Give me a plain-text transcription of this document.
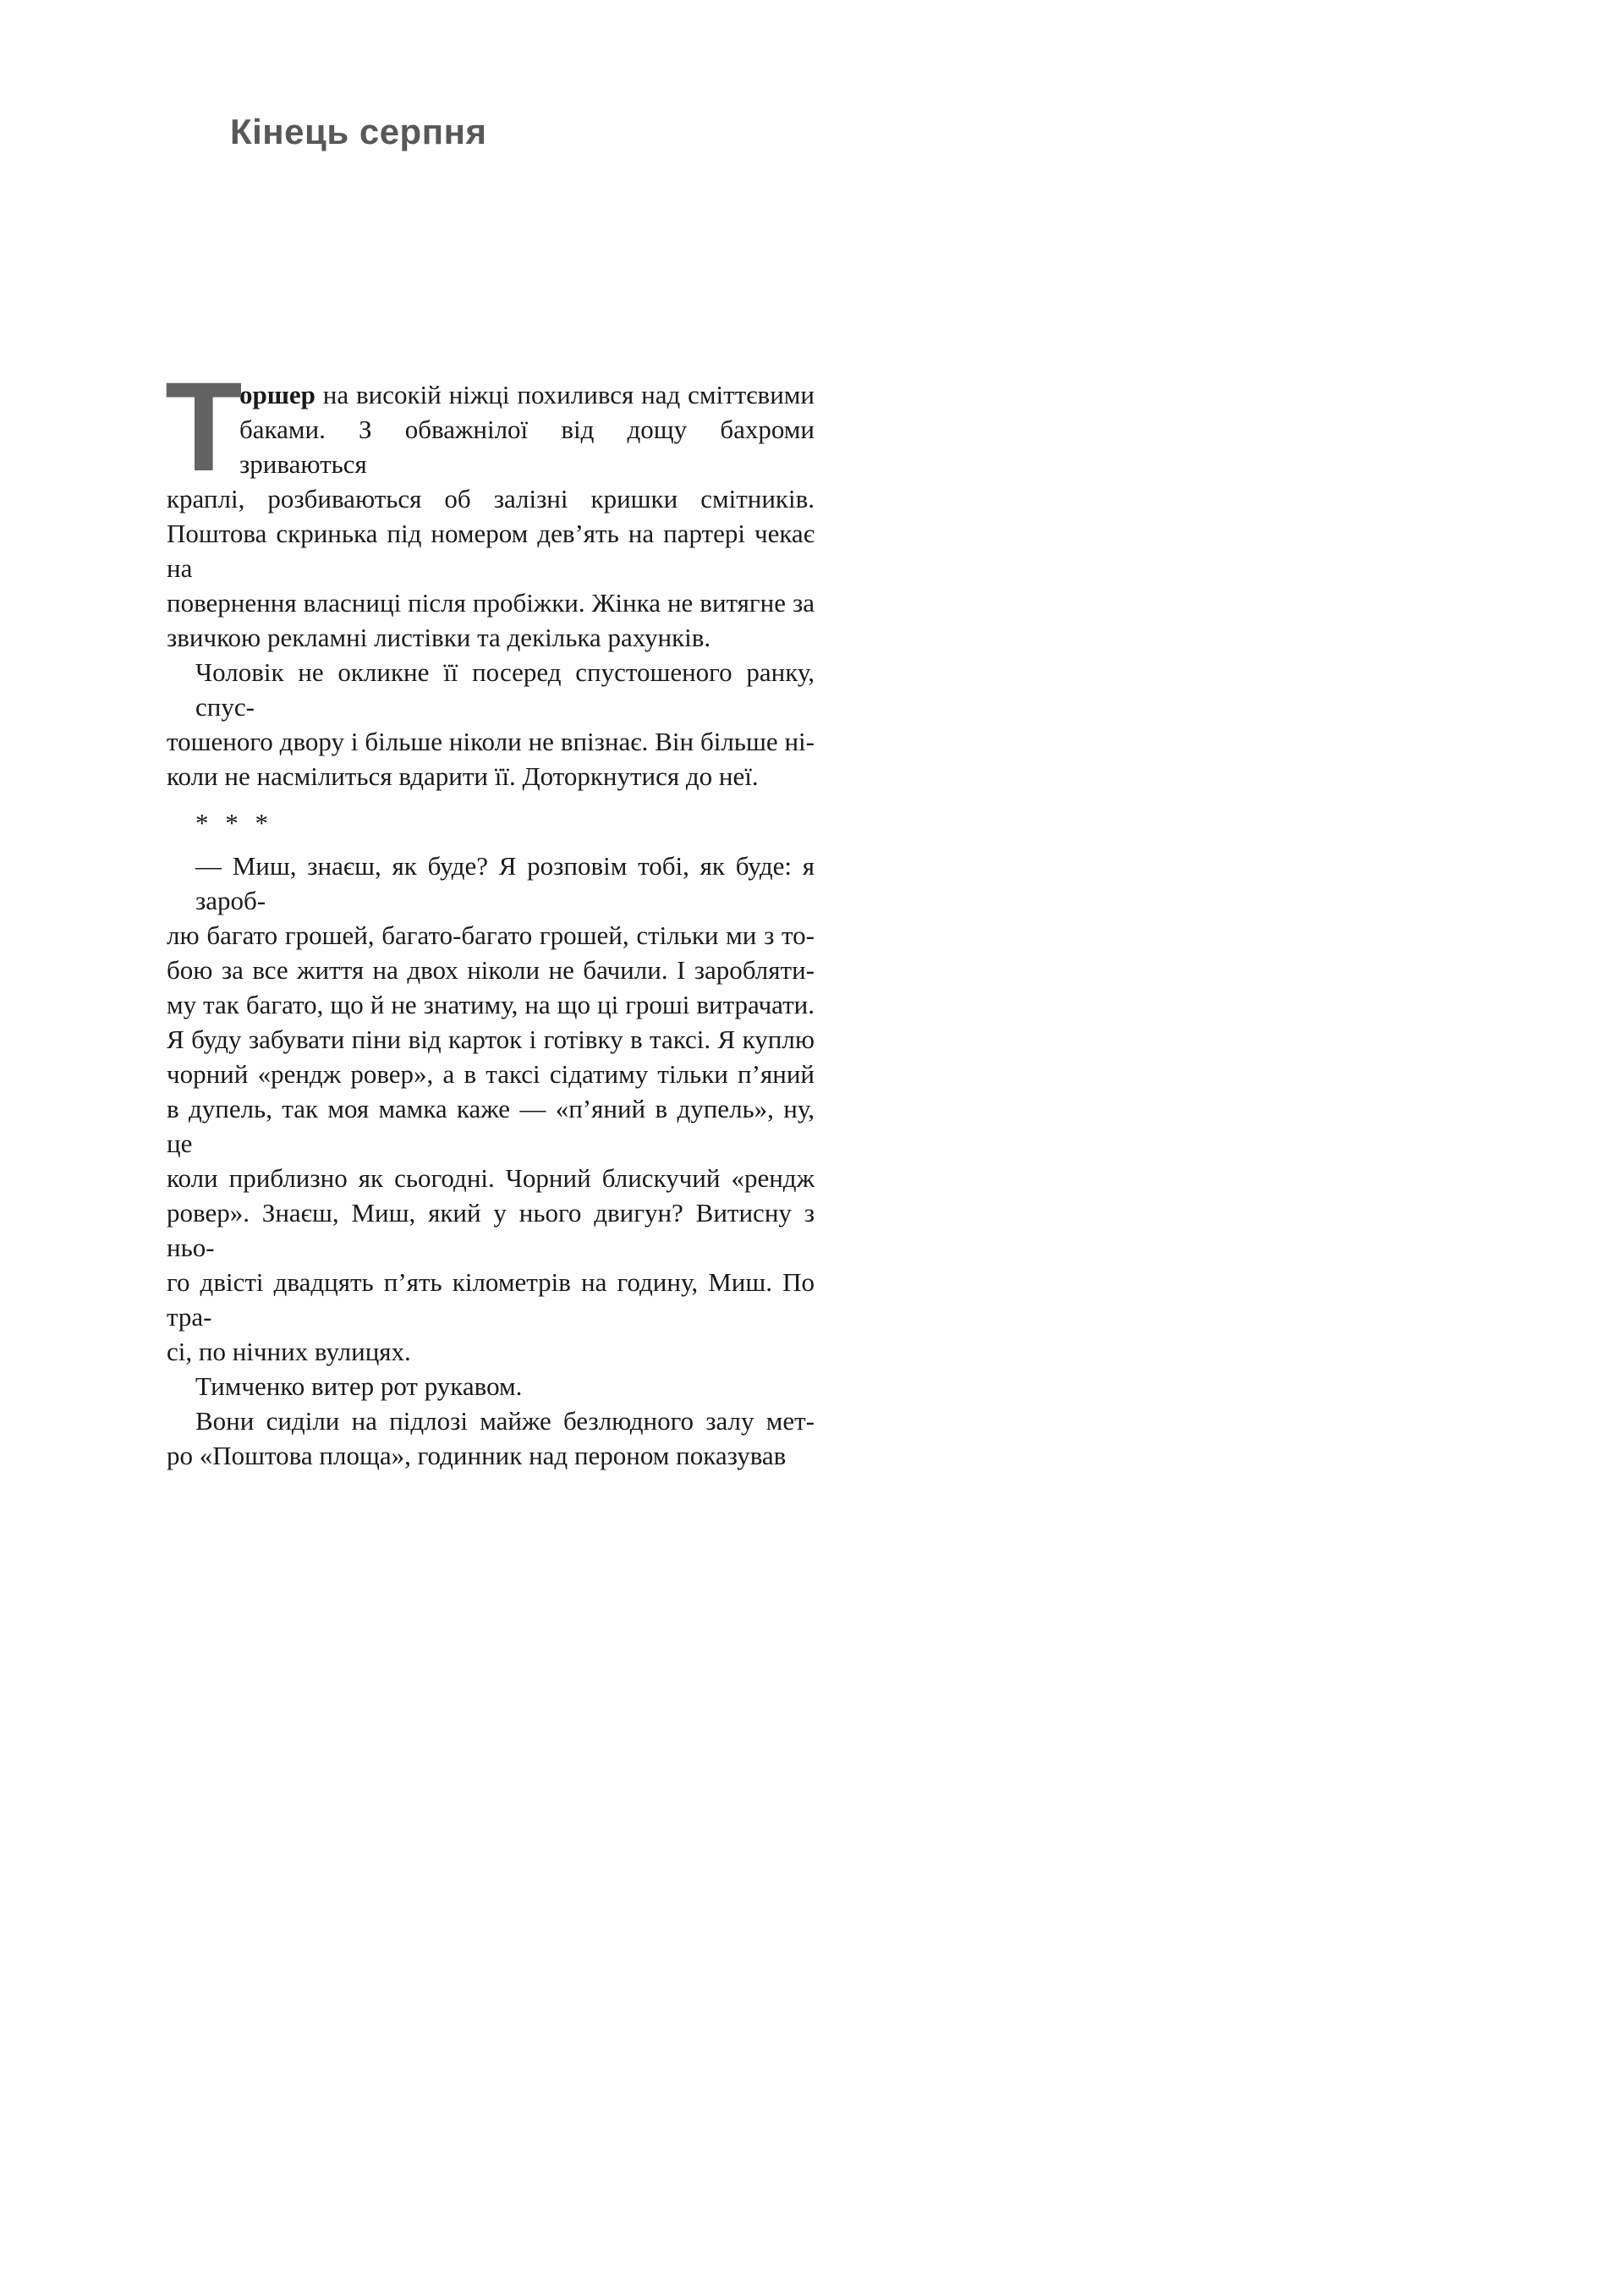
Кінець серпня
Т
оршер на високій ніжці похилився над сміттєвими
баками. З обважнілої від дощу бахроми зриваються
краплі, розбиваються об залізні кришки смітників.
Поштова скринька під номером дев’ять на партері чекає на
повернення власниці після пробіжки. Жінка не витягне за
звичкою рекламні листівки та декілька рахунків.
Чоловік не окликне її посеред спустошеного ранку, спус-
тошеного двору і більше ніколи не впізнає. Він більше ні-
коли не насмілиться вдарити її. Доторкнутися до неї.
* * *
— Миш, знаєш, як буде? Я розповім тобі, як буде: я зароб-
лю багато грошей, багато-багато грошей, стільки ми з то-
бою за все життя на двох ніколи не бачили. І заробляти-
му так багато, що й не знатиму, на що ці гроші витрачати.
Я буду забувати піни від карток і готівку в таксі. Я куплю
чорний «рендж ровер», а в таксі сідатиму тільки п’яний
в дупель, так моя мамка каже — «п’яний в дупель», ну, це
коли приблизно як сьогодні. Чорний блискучий «рендж
ровер». Знаєш, Миш, який у нього двигун? Витисну з ньо-
го двісті двадцять п’ять кілометрів на годину, Миш. По тра-
сі, по нічних вулицях.
Тимченко витер рот рукавом.
Вони сиділи на підлозі майже безлюдного залу мет-
ро «Поштова площа», годинник над пероном показував
